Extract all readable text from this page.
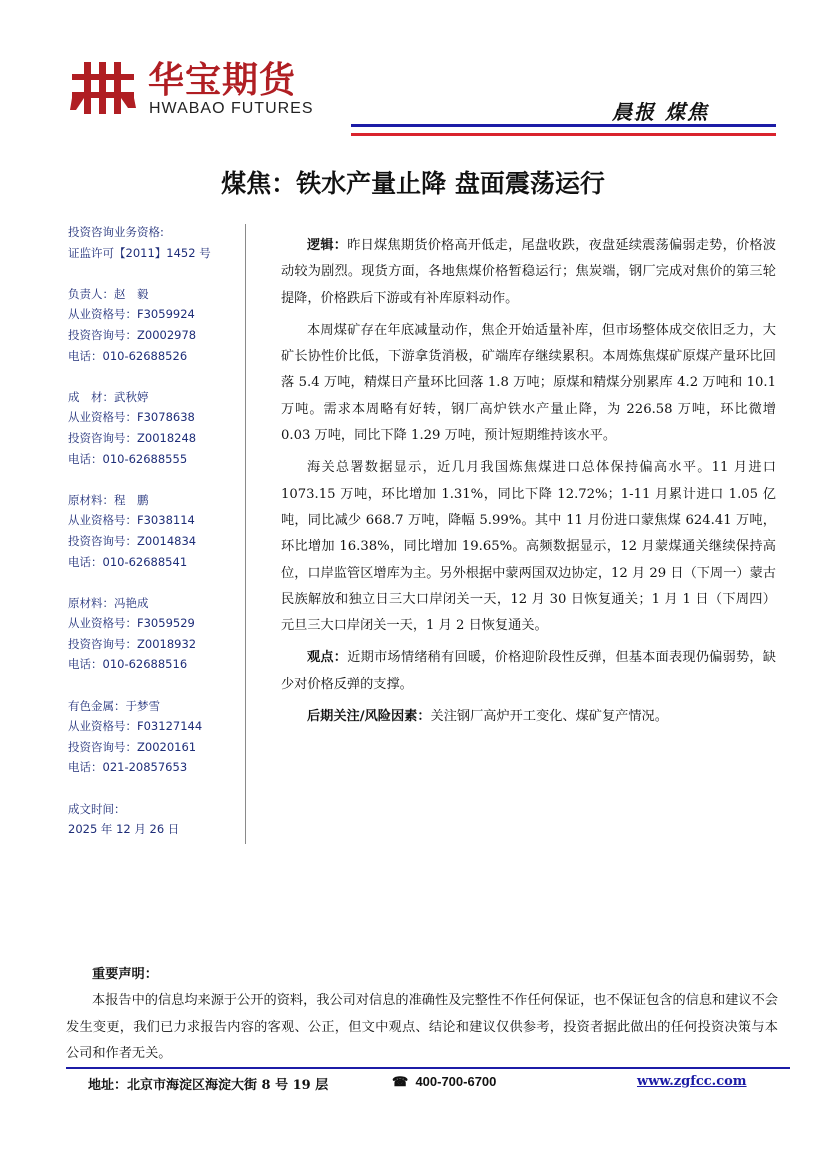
华宝期货
HWABAO FUTURES	晨报 煤焦
煤焦：铁水产量止降 盘面震荡运行
投资咨询业务资格:
证监许可【2011】1452 号
负责人：赵　毅
从业资格号：F3059924
投资咨询号：Z0002978
电话：010-62688526
成　材：武秋婷
从业资格号：F3078638
投资咨询号：Z0018248
电话：010-62688555
原材料：程　鹏
从业资格号：F3038114
投资咨询号：Z0014834
电话：010-62688541
原材料：冯艳成
从业资格号：F3059529
投资咨询号：Z0018932
电话：010-62688516
有色金属：于梦雪
从业资格号：F03127144
投资咨询号：Z0020161
电话：021-20857653
成文时间：
2025 年 12 月 26 日

逻辑：昨日煤焦期货价格高开低走，尾盘收跌，夜盘延续震荡偏弱走势，价格波动较为剧烈。现货方面，各地焦煤价格暂稳运行；焦炭端，钢厂完成对焦价的第三轮提降，价格跌后下游或有补库原料动作。

本周煤矿存在年底减量动作，焦企开始适量补库，但市场整体成交依旧乏力，大矿长协性价比低，下游拿货消极，矿端库存继续累积。本周炼焦煤矿原煤产量环比回落 5.4 万吨，精煤日产量环比回落 1.8 万吨；原煤和精煤分别累库 4.2 万吨和 10.1 万吨。需求本周略有好转，钢厂高炉铁水产量止降，为 226.58 万吨，环比微增 0.03 万吨，同比下降 1.29 万吨，预计短期维持该水平。

海关总署数据显示，近几月我国炼焦煤进口总体保持偏高水平。11 月进口 1073.15 万吨，环比增加 1.31%，同比下降 12.72%；1-11 月累计进口 1.05 亿吨，同比减少 668.7 万吨，降幅 5.99%。其中 11 月份进口蒙焦煤 624.41 万吨，环比增加 16.38%，同比增加 19.65%。高频数据显示，12 月蒙煤通关继续保持高位，口岸监管区增库为主。另外根据中蒙两国双边协定，12 月 29 日（下周一）蒙古民族解放和独立日三大口岸闭关一天，12 月 30 日恢复通关；1 月 1 日（下周四）元旦三大口岸闭关一天，1 月 2 日恢复通关。

观点：近期市场情绪稍有回暖，价格迎阶段性反弹，但基本面表现仍偏弱势，缺少对价格反弹的支撑。

后期关注/风险因素：关注钢厂高炉开工变化、煤矿复产情况。

重要声明：
本报告中的信息均来源于公开的资料，我公司对信息的准确性及完整性不作任何保证，也不保证包含的信息和建议不会发生变更，我们已力求报告内容的客观、公正，但文中观点、结论和建议仅供参考，投资者据此做出的任何投资决策与本公司和作者无关。
地址：北京市海淀区海淀大街 8 号 19 层	☎ 400-700-6700	www.zgfcc.com
